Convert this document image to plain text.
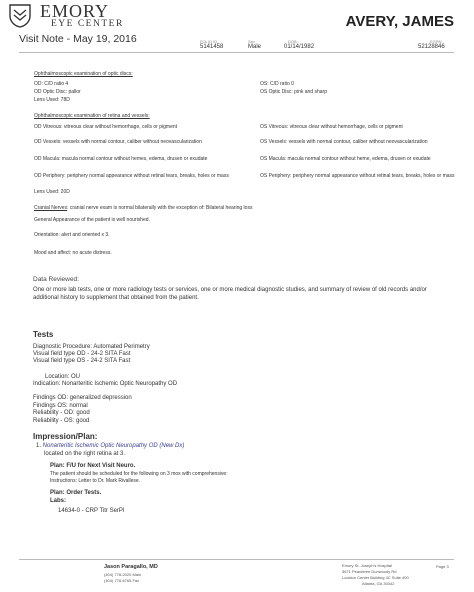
EMORY
EYE CENTER
Visit Note - May 19, 2016
AVERY, JAMES
FOLIO ID
5141458
Sex
Male
DOB
01/14/1982
EGRN
52128846
Ophthalmoscopic examination of optic discs:
OD: C/D ratio 4	OS: C/D ratio 0
OD Optic Disc: pallor	OS Optic Disc: pink and sharp
Lens Used: 78D
Ophthalmoscopic examination of retina and vessels:
OD Vitreous: vitreous clear without hemorrhage, cells or pigment	OS Vitreous: vitreous clear without hemorrhage, cells or pigment
OD Vessels: vessels with normal contour, caliber without neovascularization	OS Vessels: vessels with normal contour, caliber without neovascularization
OD Macula: macula normal contour without hemes, edema, drusen or exudate	OS Macula: macula normal contour without heme, edema, drusen or exudate
OD Periphery: periphery normal appearance without retinal tears, breaks, holes or mass	OS Periphery: periphery normal appearance without retinal tears, breaks, holes or mass
Lens Used: 20D
Cranial Nerves: cranial nerve exam is normal bilaterally with the exception of: Bilateral hearing loss
General Appearance of the patient is well nourished.
Orientation: alert and oriented x 3.
Mood and affect: no acute distress.
Data Reviewed:
One or more lab tests, one or more radiology tests or services, one or more medical diagnostic studies, and summary of review of old records and/or additional history to supplement that obtained from the patient.
Tests
Diagnostic Procedure: Automated Perimetry
Visual field type OD - 24-2 SITA Fast
Visual field type OS - 24-2 SITA Fast
Location: OU
Indication: Nonarteritic Ischemic Optic Neuropathy OD
Findings OD: generalized depression
Findings OS: normal
Reliability - OD: good
Reliability - OS: good
Impression/Plan:
1. Nonarteritic Ischemic Optic Neuropathy OD (New Dx)
located on the right retina at 3.
Plan: F/U for Next Visit Neuro.
The patient should be scheduled for the following on 3 mos with comprehensive:
Instructions: Letter to Dr. Mark Rivallese.
Plan: Order Tests.
Labs:
14634-0 - CRP Titr SerPl
Jason Paragallo, MD
(404) 778-2020 Main
(404) 778-6765 Fax
Emory St. Joseph's Hospital
5671 Peachtree Dunwoody Rd
Lockton Center Building 4C Suite 400
Atlanta, GA 30342
Page 3
